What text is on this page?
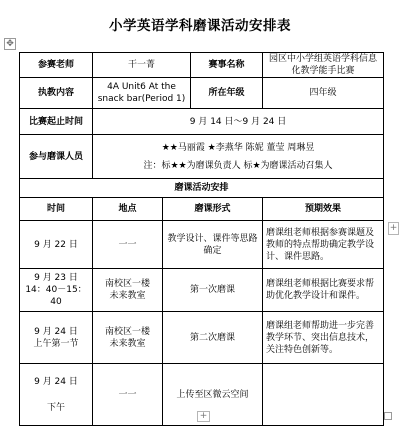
小学英语学科磨课活动安排表
✥
+
+
参赛老师	干一菁		赛事名称	园区中小学组英语学科信息化教学能手比赛
执教内容	4A Unit6 At the snack bar(Period 1)		所在年级	四年级
比赛起止时间	9 月 14 日～9 月 24 日			
参与磨课人员	★★马丽霞 ★李燕华 陈妮 董莹 周琳昱
注：标★★为磨课负责人 标★为磨课活动召集人			

磨课活动安排				
时间	地点	磨课形式		预期效果

9 月 22 日	一一	教学设计、课件等思路确定		磨课组老师根据参赛课题及教师的特点帮助确定教学设计、课件思路。

9 月 23 日
14：40－15：40	南校区一楼
未来教室	第一次磨课		磨课组老师根据比赛要求帮助优化教学设计和课件。

9 月 24 日
上午第一节	南校区一楼
未来教室	第二次磨课		磨课组老师帮助进一步完善教学环节、突出信息技术，关注特色创新等。

9 月 24 日
下午	一一	上传至区微云空间		
